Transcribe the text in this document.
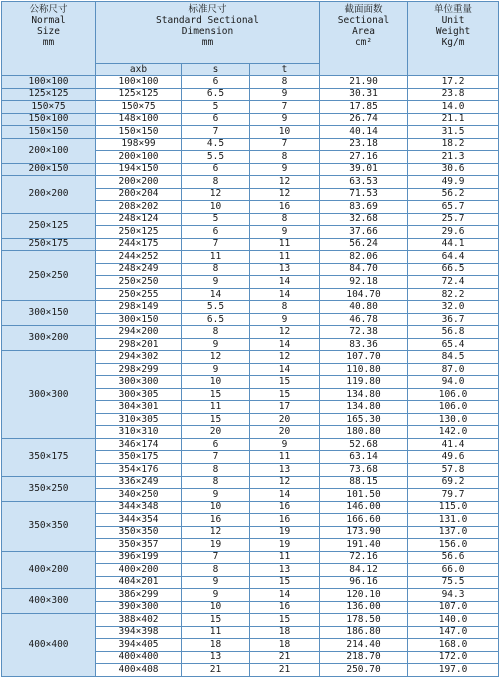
公称尺寸
Normal
Size
mm	标准尺寸
Standard Sectional
Dimension
mm			截面面数
Sectional
Area
cm²	单位重量
Unit
Weight
Kg/m

	axb	s	t		
100×100	100×100	6	8	21.90	17.2
125×125	125×125	6.5	9	30.31	23.8
150×75	150×75	5	7	17.85	14.0
150×100	148×100	6	9	26.74	21.1
150×150	150×150	7	10	40.14	31.5
200×100	198×99	4.5	7	23.18	18.2
	200×100	5.5	8	27.16	21.3
200×150	194×150	6	9	39.01	30.6
200×200	200×200	8	12	63.53	49.9
	200×204	12	12	71.53	56.2
	208×202	10	16	83.69	65.7
250×125	248×124	5	8	32.68	25.7
	250×125	6	9	37.66	29.6
250×175	244×175	7	11	56.24	44.1
250×250	244×252	11	11	82.06	64.4
	248×249	8	13	84.70	66.5
	250×250	9	14	92.18	72.4
	250×255	14	14	104.70	82.2
300×150	298×149	5.5	8	40.80	32.0
	300×150	6.5	9	46.78	36.7
300×200	294×200	8	12	72.38	56.8
	298×201	9	14	83.36	65.4
300×300	294×302	12	12	107.70	84.5
	298×299	9	14	110.80	87.0
	300×300	10	15	119.80	94.0
	300×305	15	15	134.80	106.0
	304×301	11	17	134.80	106.0
	310×305	15	20	165.30	130.0
	310×310	20	20	180.80	142.0
350×175	346×174	6	9	52.68	41.4
	350×175	7	11	63.14	49.6
	354×176	8	13	73.68	57.8
350×250	336×249	8	12	88.15	69.2
	340×250	9	14	101.50	79.7
350×350	344×348	10	16	146.00	115.0
	344×354	16	16	166.60	131.0
	350×350	12	19	173.90	137.0
	350×357	19	19	191.40	156.0
400×200	396×199	7	11	72.16	56.6
	400×200	8	13	84.12	66.0
	404×201	9	15	96.16	75.5
400×300	386×299	9	14	120.10	94.3
	390×300	10	16	136.00	107.0
400×400	388×402	15	15	178.50	140.0
	394×398	11	18	186.80	147.0
	394×405	18	18	214.40	168.0
	400×400	13	21	218.70	172.0
	400×408	21	21	250.70	197.0
